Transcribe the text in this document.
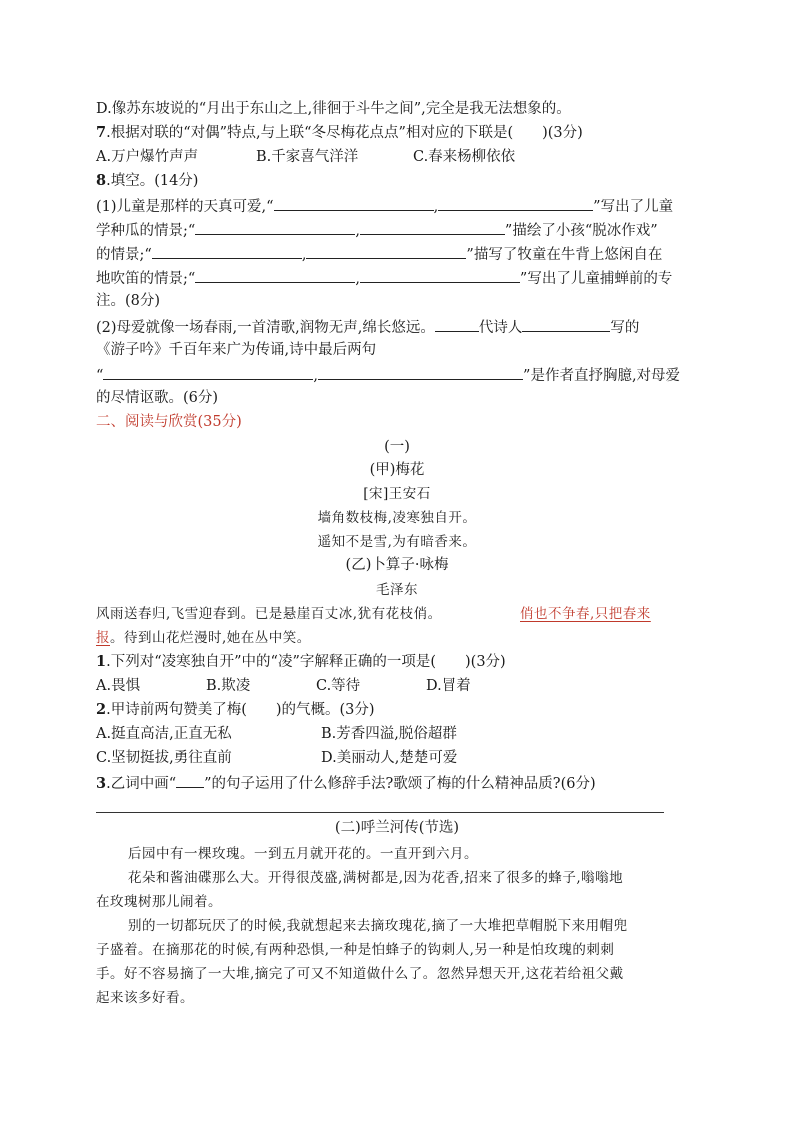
D.像苏东坡说的“月出于东山之上,徘徊于斗牛之间”,完全是我无法想象的。
7.根据对联的“对偶”特点,与上联“冬尽梅花点点”相对应的下联是(　　)(3分)
A.万户爆竹声声	B.千家喜气洋洋	C.春来杨柳依依
8.填空。(14分)
(1)儿童是那样的天真可爱,“	,	”写出了儿童
学种瓜的情景;“	,	”描绘了小孩“脱冰作戏”
的情景;“	,	”描写了牧童在牛背上悠闲自在
地吹笛的情景;“	,	”写出了儿童捕蝉前的专
注。(8分)
(2)母爱就像一场春雨,一首清歌,润物无声,绵长悠远。	代诗人	写的
《游子吟》千百年来广为传诵,诗中最后两句
“	,	”是作者直抒胸臆,对母爱
的尽情讴歌。(6分)
二、阅读与欣赏(35分)
(一)
(甲)梅花
[宋]王安石
墙角数枝梅,凌寒独自开。
遥知不是雪,为有暗香来。
(乙)卜算子·咏梅
毛泽东
风雨送春归,飞雪迎春到。已是悬崖百丈冰,犹有花枝俏。	俏也不争春,只把春来
报。待到山花烂漫时,她在丛中笑。
1.下列对“凌寒独自开”中的“凌”字解释正确的一项是(　　)(3分)
A.畏惧	B.欺凌	C.等待	D.冒着
2.甲诗前两句赞美了梅(　　)的气概。(3分)
A.挺直高洁,正直无私	B.芳香四溢,脱俗超群
C.坚韧挺拔,勇往直前	D.美丽动人,楚楚可爱
3.乙词中画“ ”的句子运用了什么修辞手法?歌颂了梅的什么精神品质?(6分)
(二)呼兰河传(节选)
后园中有一棵玫瑰。一到五月就开花的。一直开到六月。
花朵和酱油碟那么大。开得很茂盛,满树都是,因为花香,招来了很多的蜂子,嗡嗡地
在玫瑰树那儿闹着。
别的一切都玩厌了的时候,我就想起来去摘玫瑰花,摘了一大堆把草帽脱下来用帽兜
子盛着。在摘那花的时候,有两种恐惧,一种是怕蜂子的钩刺人,另一种是怕玫瑰的刺刺
手。好不容易摘了一大堆,摘完了可又不知道做什么了。忽然异想天开,这花若给祖父戴
起来该多好看。
